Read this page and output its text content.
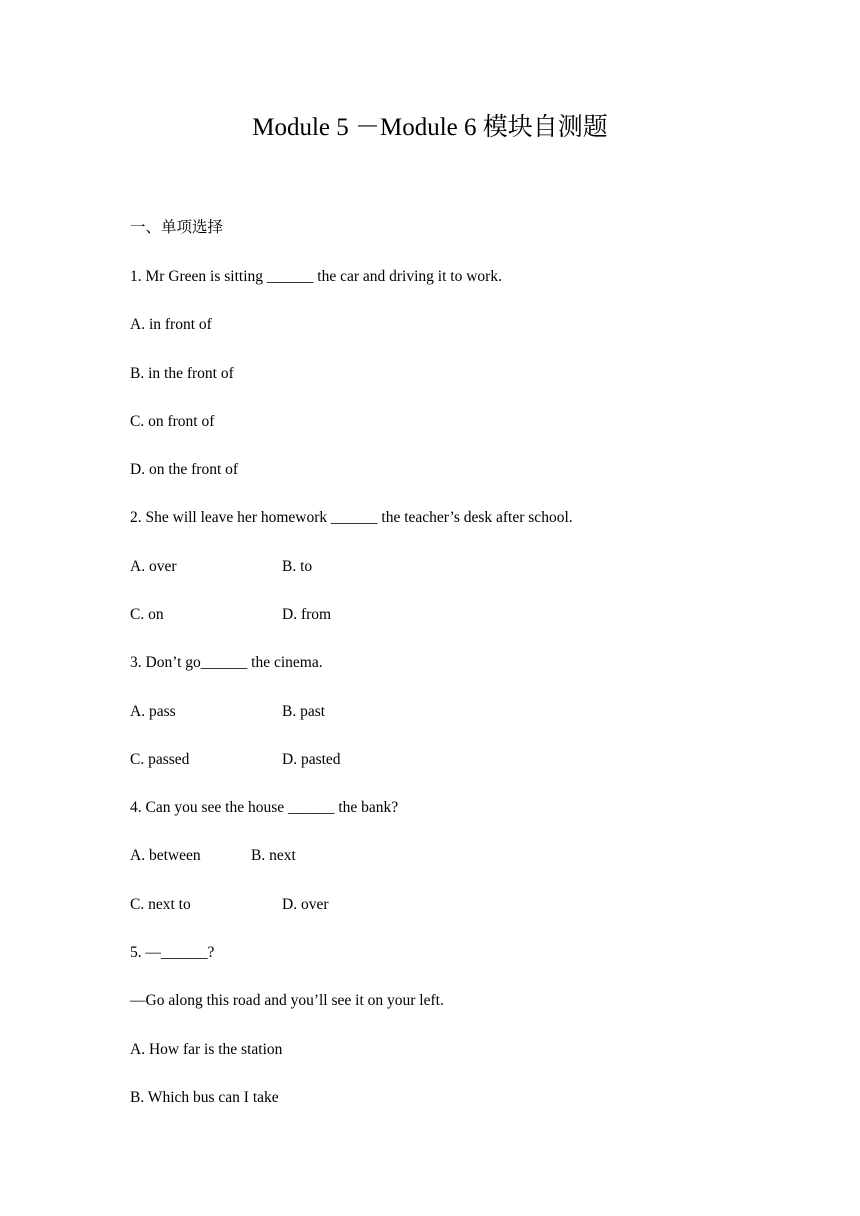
Module 5 －Module 6 模块自测题
一、单项选择
1. Mr Green is sitting ______ the car and driving it to work.
A. in front of
B. in the front of
C. on front of
D. on the front of
2. She will leave her homework ______ the teacher’s desk after school.
A. over	B. to
C. on	D. from
3. Don’t go______ the cinema.
A. pass	B. past
C. passed	D. pasted
4. Can you see the house ______ the bank?
A. between	B. next
C. next to	D. over
5. —______?
—Go along this road and you’ll see it on your left.
A. How far is the station
B. Which bus can I take
